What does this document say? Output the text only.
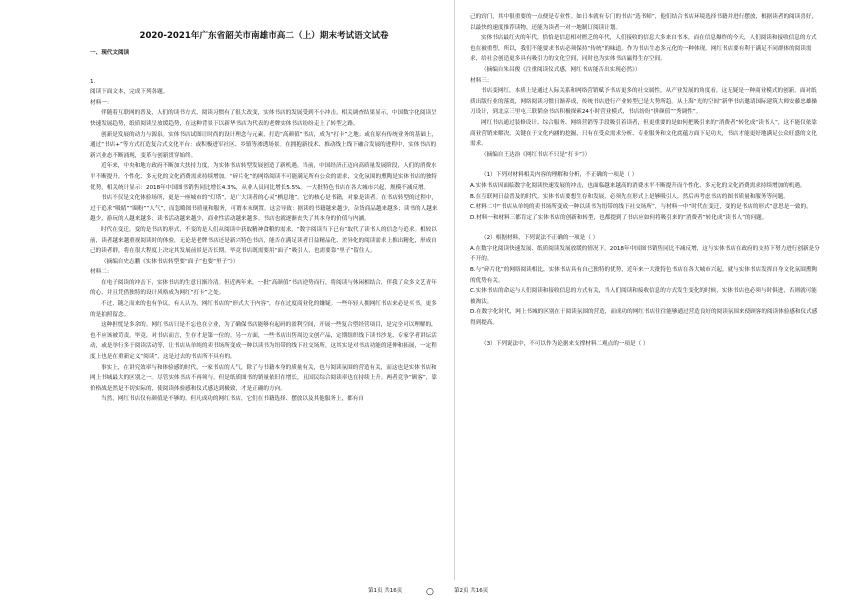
2020-2021年广东省韶关市南雄市高二（上）期末考试语文试卷
一、现代文阅读

1.

阅读下面文本，完成下列各题。

材料一：

伴随着互联网的普及，人们的读书方式、阅读习惯有了很大改变，实体书店的发展受到不小冲击。相关调查结果显示，中国数字化阅读呈快速发展趋势，纸质阅读呈放缓趋势，在这种背景下以新华书店为代表的老牌实体书店纷纷走上了转型之路。

创新是发展的动力与源泉。实体书店试图让时尚的设计理念与元素，打造“高颜值”书店，成为“打卡”之地；或在原有传统业务的基础上，通过“书店+”等方式打造复合式文化平台：或积极进军社区、乡镇等渗透场景。在拥抱新技术、推动线上线下融合发展的进程中，实体书店的新兴业态不断涌现，变革与创新贯穿始终。

近年来，中央和地方政府不断加大扶持力度，为实体书店转型发展创造了新机遇。当前，中国经济正迈向高质量发展阶段，人们的消费水平不断提升，个性化、多元化的文化消费需求持续增加。“碎片化”的网络阅读不可能满足所有公众的需求，文化氛围的熏陶是实体书店的独特优势。相关统计显示：2018年中国图书销售同比增长4.3%，从业人员同比增长5.5%。一大批特色书店在各大城市兴起，规模不减反增。

书店不仅是文化体验场所，更是一座城市的“灯塔”，是广大读者的心灵“栖息地”。它的核心是书籍，对象是读者。在书店转型的过程中，过于追求“吸睛”“圈粉”“人气”，而忽略图书质量和服务，可谓本末倒置。这会导致：据读的书籍越来越少，杂货商品越来越多；读书的人越来越少，游玩的人越来越多；读书活动越来越少，商业性活动越来越多。书店也就逐渐丧失了其本身的价值与内涵。

时代在变迁，变的是书店的形式，不变的是人们从阅读中获取精神食粮的需求。“数字阅读当下已有”取代了读书人的信念与追求。相较以前，读者越来越重视阅读时的体验，无论是老牌书店还是新兴特色书店，能否在满足读者日益精品化、差异化的阅读需求上推出精化，形成自己的读者群，将在很大程度上决定其发展前景是否长期。毕竟书店既需要用“面子”吸引人，也需要靠“里子”留住人。

（摘编自史志鹏《实体书店转型要“面子”也要“里子”》）

材料二：

在电子阅读的冲击下，实体书店的生意日渐冷清。但近两年来，一批“高颜值”书店逆势而行，将阅读与休闲相结合，伴我了众多文艺青年的心，并且凭借独特的设计风格成为网红“打卡”之处。

不过，随之而来的也有争议，有人认为，网红书店的“形式大于内容”，存在过度商业化的嫌疑。一些年轻人拥网红书店来必是买书，更多的是拍照留念。

这种担忧是多余的。网红书店只是不忘也在立业，为了确保书店能够有起码的盈利空间，开展一些复合型经营项目，是完全可以理解的，也不应该被苛责。毕竟，对书店而言，生存才是第一位的。另一方面，一些书店出售周边文创产品，定期组织线下读书沙龙、专家学者讲坛活动，或是举行多于阅读活动等，让书店从单纯的卖书场所变成一种以读书为纽带的线下社交场所，这其实是对书店功能的延伸和拓展，一定程度上也是在重新定义“阅读”，这是过去的书店所不具有的。

事实上，在讲究效率与和体验感的时代，一家书店的人气，除了与书籍本身的质量有关，也与阅读氛围的营造有关，而这也是实体书店和网上书城最大的区别之一。尽管实体书店不再须与，但是纸质图书的销量依旧在增长，且国民综合阅读率也在持续上升。两者竞争“顾客”，靠价格战是然是不切实际的，使阅读体验感和仪式感达到极致，才是正确的方向。

当然，网红书店仅有颜值是不够的。但凡成功的网红书店，它们在书籍选择、摆放以及其他服务上，都有自

己的窍门，其中很重要的一点便是专业性。如日本就有专门的书店“选书师”，他们结合书店环境选择书籍并进行摆放，根据读者的阅读喜好，以最快的速度推荐读物，还能为读者一对一地制订阅读计划。

实体书店最红火的年代，恰恰是信息相对匮乏的年代，人们接收的信息大多来自书本，而在信息爆炸的今天，人们阅读和接收信息的方式也在被重塑，所以，我们不能要求书店必须保持“传统”的味道。作为书店生态多元化的一种体现，网红书店要有利于满足不同群体的阅读需求，给社会创造更多具有吸引力的文化空间，同时也为实体书店赢得生存空间。

（摘编自朱昌俊《注重阅读仪式感，网红书店能否出实现必然》）

材料三：

书店变网红，本质上是通过人际关系和网络营销赋予书店更多的社交属性，从产业发展的角度看，这无疑是一种商业模式的创新，面对纸质出版行业的落寞，网络阅读习惯日渐养成，传统书店进行产业转型已是大势所趋。从上海“光的空间”新华书店邀请国际建筑大师安藤忠雄操刀设计，到北京三里屯三联韬奋书店积极探索24小时营业模式，书店纷纷“拼颜值”“秀调性”。

网红书店通过装修设计、综合服务、网络营销等手段吸引着读者，但更重要的是如何把吸引来的“消费者”转化成“读书人”，这不能仅依靠商业营销来解决，关键在于文化内涵的挖掘，只有在受众需求分析、专业服务和文化底蕴方面下足功夫，书店才能更好地满足公众旺盛的文化需求。

（摘编自王达治《网红书店不只是“打卡”》）

（1）下列对材料相关内容的理解和分析，不正确的一项是（ ）

A.实体书店因面临数字化阅读快速发展的冲击，也面临越来越高的消费水平不断提升而个性化、多元化的文化消费需求持续增加的机遇。

B.在互联网日益普及的时代，实体书店要想生存和发展，必须先在形式上是够吸引人，然后再考虑书店的图书质量和服务等问题。

C.材料二中“书店从单纯的卖书场所变成一种以读书为纽带的线下社交场所”，与材料一中“时代在变迁，变的是书店的形式”意思是一致的。

D.材料一和材料三都肯定了实体书店的创新和转型，也都提到了书店应如何将吸引来的“消费者”转化成“读书人”的问题。

（2）根据材料，下列说法不正确的一项是（ ）

A.在数字化阅读快速发展、纸质阅读发展放缓的情况下，2018年中国图书销售同比不减反增，这与实体书店在政府的支持下努力进行创新是分不开的。

B.与“碎片化”的网络阅读相比，实体书店具有自己独特的优势，近年来一大批特色书店在各大城市兴起，就与实体书店发挥自身文化氛围熏陶的优势有关。

C.实体书店的命运与人们阅读和接收信息的方式有关，当人们阅读和接收信息的方式发生变化的时候，实体书店也必须与时俱进，否则就可能被淘汰。

D.在数字化时代，网上书城的区别在于阅读氛围的营造，而成功的网红书店往往能够通过营造良好的阅读氛围来使顾客的阅读体验感和仪式感得到提高。

（3）下列说法中，不可以作为论据来支撑材料二观点的一项是（ ）

第1页 共16页	○	第2页 共16页
